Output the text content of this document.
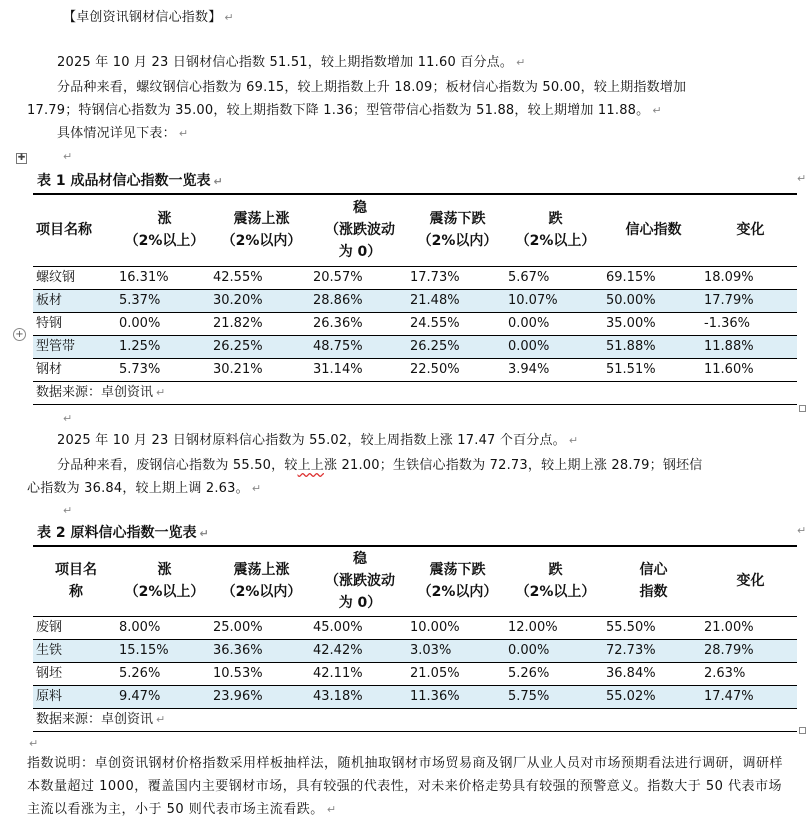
【卓创资讯钢材信心指数】 ↵
2025 年 10 月 23 日钢材信心指数 51.51，较上期指数增加 11.60 百分点。 ↵
分品种来看，螺纹钢信心指数为 69.15，较上期指数上升 18.09；板材信心指数为 50.00，较上期指数增加
17.79；特钢信心指数为 35.00，较上期指数下降 1.36；型管带信心指数为 51.88，较上期增加 11.88。 ↵
具体情况详见下表： ↵
✚	↵
表 1 成品材信心指数一览表 ↵	↵
项目名称	涨
（2%以上）	震荡上涨
（2%以内）	稳
（涨跌波动
为 0）	震荡下跌
（2%以内）	跌
（2%以上）	信心指数	变化

螺纹钢	16.31%	42.55%	20.57%	17.73%	5.67%	69.15%	18.09%
板材	5.37%	30.20%	28.86%	21.48%	10.07%	50.00%	17.79%
特钢	0.00%	21.82%	26.36%	24.55%	0.00%	35.00%	-1.36%
型管带	1.25%	26.25%	48.75%	26.25%	0.00%	51.88%	11.88%
钢材	5.73%	30.21%	31.14%	22.50%	3.94%	51.51%	11.60%
数据来源：卓创资讯 ↵							
+
↵
2025 年 10 月 23 日钢材原料信心指数为 55.02，较上周指数上涨 17.47 个百分点。 ↵
分品种来看，废钢信心指数为 55.50，较上上涨 21.00；生铁信心指数为 72.73，较上期上涨 28.79；钢坯信
心指数为 36.84，较上期上调 2.63。 ↵
↵
表 2 原料信心指数一览表 ↵	↵
项目名
称	涨
（2%以上）	震荡上涨
（2%以内）	稳
（涨跌波动
为 0）	震荡下跌
（2%以内）	跌
（2%以上）	信心
指数	变化

废钢	8.00%	25.00%	45.00%	10.00%	12.00%	55.50%	21.00%
生铁	15.15%	36.36%	42.42%	3.03%	0.00%	72.73%	28.79%
钢坯	5.26%	10.53%	42.11%	21.05%	5.26%	36.84%	2.63%
原料	9.47%	23.96%	43.18%	11.36%	5.75%	55.02%	17.47%
数据来源：卓创资讯 ↵							
↵
指数说明：卓创资讯钢材价格指数采用样板抽样法，随机抽取钢材市场贸易商及钢厂从业人员对市场预期看法进行调研，调研样本数量超过 1000，覆盖国内主要钢材市场，具有较强的代表性，对未来价格走势具有较强的预警意义。指数大于 50 代表市场主流以看涨为主，小于 50 则代表市场主流看跌。 ↵
